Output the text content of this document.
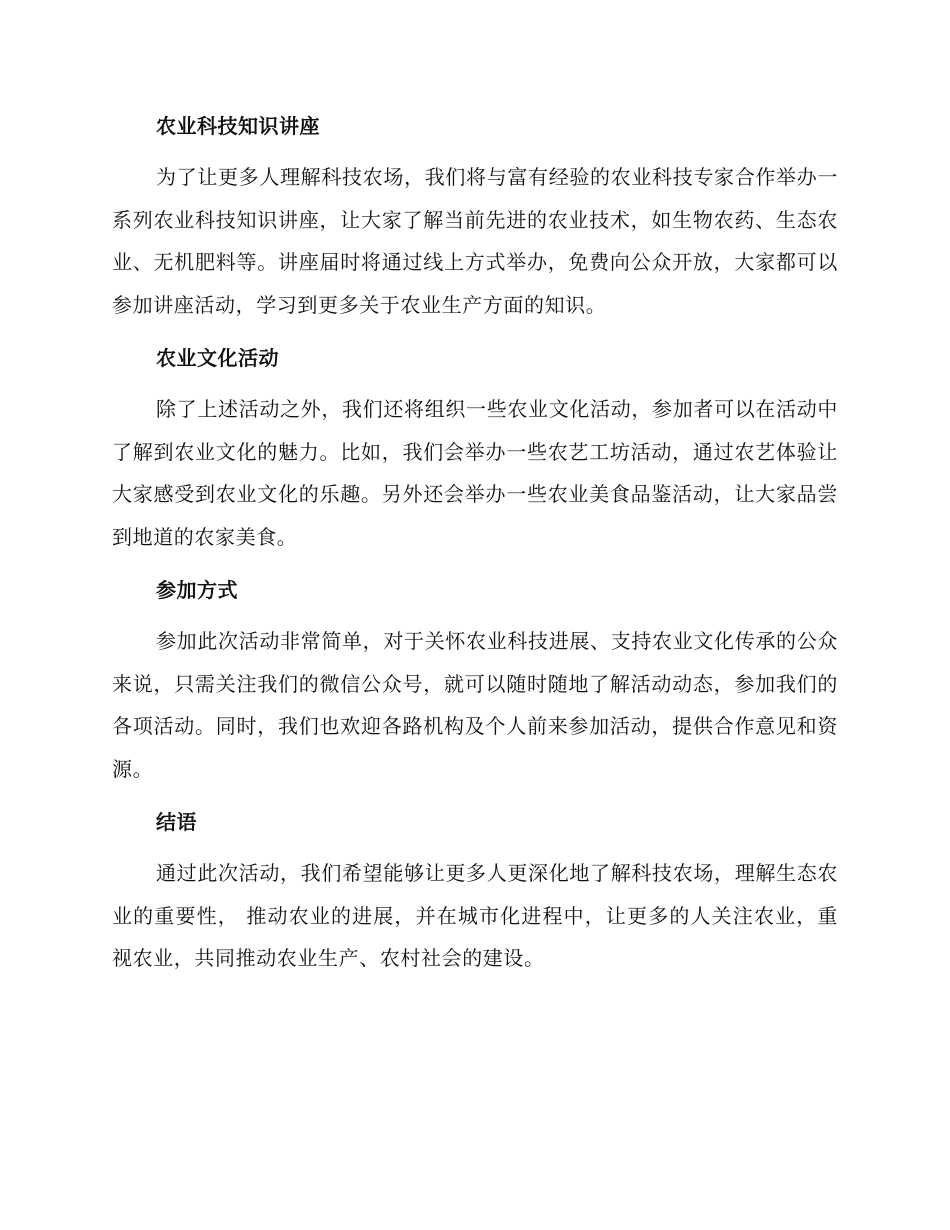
农业科技知识讲座

为了让更多人理解科技农场，我们将与富有经验的农业科技专家合作举办一系列农业科技知识讲座，让大家了解当前先进的农业技术，如生物农药、生态农业、无机肥料等。讲座届时将通过线上方式举办，免费向公众开放，大家都可以参加讲座活动，学习到更多关于农业生产方面的知识。

农业文化活动

除了上述活动之外，我们还将组织一些农业文化活动，参加者可以在活动中了解到农业文化的魅力。比如，我们会举办一些农艺工坊活动，通过农艺体验让大家感受到农业文化的乐趣。另外还会举办一些农业美食品鉴活动，让大家品尝到地道的农家美食。

参加方式

参加此次活动非常简单，对于关怀农业科技进展、支持农业文化传承的公众来说，只需关注我们的微信公众号，就可以随时随地了解活动动态，参加我们的各项活动。同时，我们也欢迎各路机构及个人前来参加活动，提供合作意见和资源。

结语

通过此次活动，我们希望能够让更多人更深化地了解科技农场，理解生态农业的重要性， 推动农业的进展，并在城市化进程中，让更多的人关注农业，重视农业，共同推动农业生产、农村社会的建设。
